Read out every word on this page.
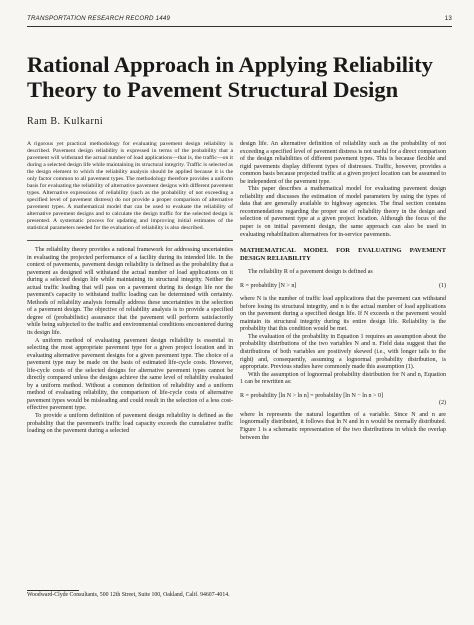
TRANSPORTATION RESEARCH RECORD 1449	13
Rational Approach in Applying Reliability
Theory to Pavement Structural Design
Ram B. Kulkarni

A rigorous yet practical methodology for evaluating pavement design reliability is described. Pavement design reliability is expressed in terms of the probability that a pavement will withstand the actual number of load applications—that is, the traffic—on it during a selected design life while maintaining its structural integrity. Traffic is selected as the design element to which the reliability analysis should be applied because it is the only factor common to all pavement types. The methodology therefore provides a uniform basis for evaluating the reliability of alternative pavement designs with different pavement types. Alternative expressions of reliability (such as the probability of not exceeding a specified level of pavement distress) do not provide a proper comparison of alternative pavement types. A mathematical model that can be used to evaluate the reliability of alternative pavement designs and to calculate the design traffic for the selected design is presented. A systematic process for updating and improving initial estimates of the statistical parameters needed for the evaluation of reliability is also described.

The reliability theory provides a rational framework for addressing uncertainties in evaluating the projected performance of a facility during its intended life. In the context of pavements, pavement design reliability is defined as the probability that a pavement as designed will withstand the actual number of load applications on it during a selected design life while maintaining its structural integrity. Neither the actual traffic loading that will pass on a pavement during its design life nor the pavement's capacity to withstand traffic loading can be determined with certainty. Methods of reliability analysis formally address these uncertainties in the selection of a pavement design. The objective of reliability analysis is to provide a specified degree of (probabilistic) assurance that the pavement will perform satisfactorily while being subjected to the traffic and environmental conditions encountered during its design life.

A uniform method of evaluating pavement design reliability is essential in selecting the most appropriate pavement type for a given project location and in evaluating alternative pavement designs for a given pavement type. The choice of a pavement type may be made on the basis of estimated life-cycle costs. However, life-cycle costs of the selected designs for alternative pavement types cannot be directly compared unless the designs achieve the same level of reliability evaluated by a uniform method. Without a common definition of reliability and a uniform method of evaluating reliability, the comparison of life-cycle costs of alternative pavement types would be misleading and could result in the selection of a less cost-effective pavement type.

To provide a uniform definition of pavement design reliability is defined as the probability that the pavement's traffic load capacity exceeds the cumulative traffic loading on the pavement during a selected

design life. An alternative definition of reliability such as the probability of not exceeding a specified level of pavement distress is not useful for a direct comparison of the design reliabilities of different pavement types. This is because flexible and rigid pavements display different types of distresses. Traffic, however, provides a common basis because projected traffic at a given project location can be assumed to be independent of the pavement type.

This paper describes a mathematical model for evaluating pavement design reliability and discusses the estimation of model parameters by using the types of data that are generally available to highway agencies. The final section contains recommendations regarding the proper use of reliability theory in the design and selection of pavement type at a given project location. Although the focus of the paper is on initial pavement design, the same approach can also be used in evaluating rehabilitation alternatives for in-service pavements.

MATHEMATICAL MODEL FOR EVALUATING PAVEMENT DESIGN RELIABILITY

The reliability R of a pavement design is defined as

R = probability [N > n]	(1)

where N is the number of traffic load applications that the pavement can withstand before losing its structural integrity, and n is the actual number of load applications on the pavement during a specified design life. If N exceeds n the pavement would maintain its structural integrity during its entire design life. Reliability is the probability that this condition would be met.

The evaluation of the probability in Equation 1 requires an assumption about the probability distributions of the two variables N and n. Field data suggest that the distributions of both variables are positively skewed (i.e., with longer tails to the right) and, consequently, assuming a lognormal probability distribution, is appropriate. Previous studies have commonly made this assumption (1).

With the assumption of lognormal probability distribution for N and n, Equation 1 can be rewritten as:

R = probability [ln N > ln n] = probability [ln N − ln n > 0]
(2)

where ln represents the natural logarithm of a variable. Since N and n are lognormally distributed, it follows that ln N and ln n would be normally distributed. Figure 1 is a schematic representation of the two distributions in which the overlap between the

Woodward-Clyde Consultants, 500 12th Street, Suite 100, Oakland, Calif. 94607-4014.
